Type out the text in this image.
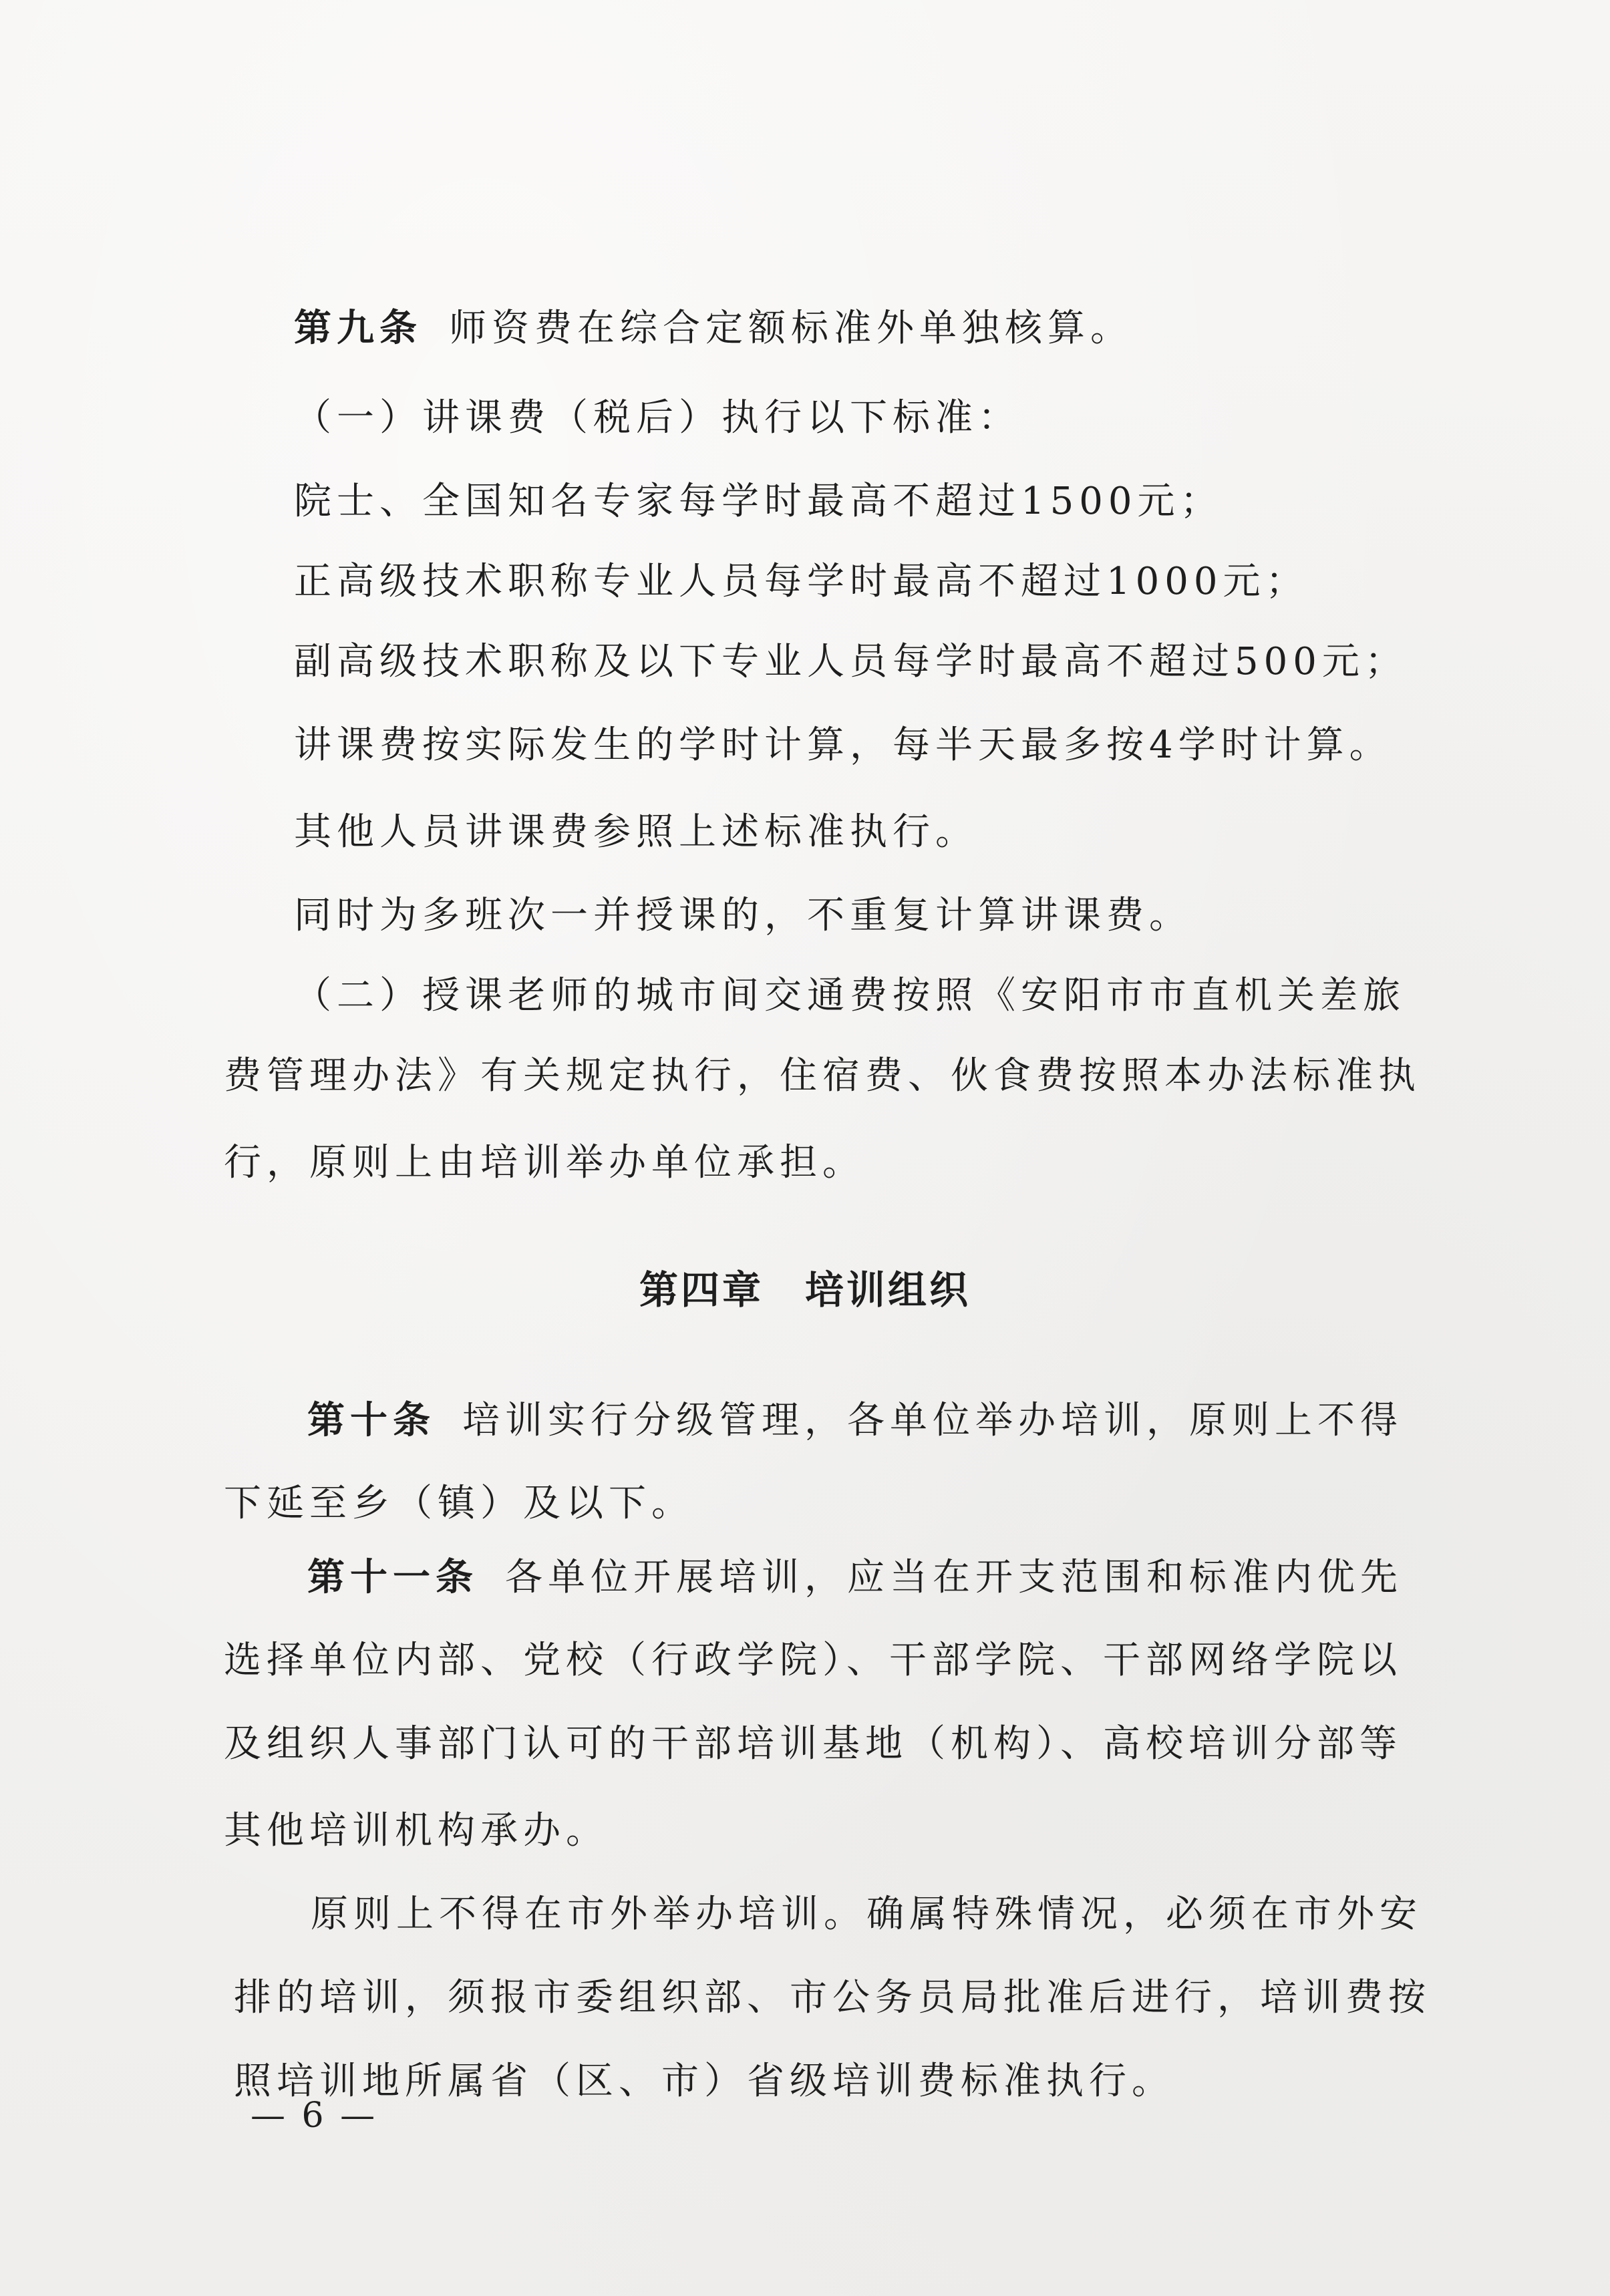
第九条 师资费在综合定额标准外单独核算。
（一）讲课费（税后）执行以下标准：
院士、全国知名专家每学时最高不超过1500元；
正高级技术职称专业人员每学时最高不超过1000元；
副高级技术职称及以下专业人员每学时最高不超过500元；
讲课费按实际发生的学时计算，每半天最多按4学时计算。
其他人员讲课费参照上述标准执行。
同时为多班次一并授课的，不重复计算讲课费。
（二）授课老师的城市间交通费按照《安阳市市直机关差旅
费管理办法》有关规定执行，住宿费、伙食费按照本办法标准执
行，原则上由培训举办单位承担。
第四章　培训组织
第十条 培训实行分级管理，各单位举办培训，原则上不得
下延至乡（镇）及以下。
第十一条 各单位开展培训，应当在开支范围和标准内优先
选择单位内部、党校（行政学院）、干部学院、干部网络学院以
及组织人事部门认可的干部培训基地（机构）、高校培训分部等
其他培训机构承办。
原则上不得在市外举办培训。确属特殊情况，必须在市外安
排的培训，须报市委组织部、市公务员局批准后进行，培训费按
照培训地所属省（区、市）省级培训费标准执行。
— 6 —
